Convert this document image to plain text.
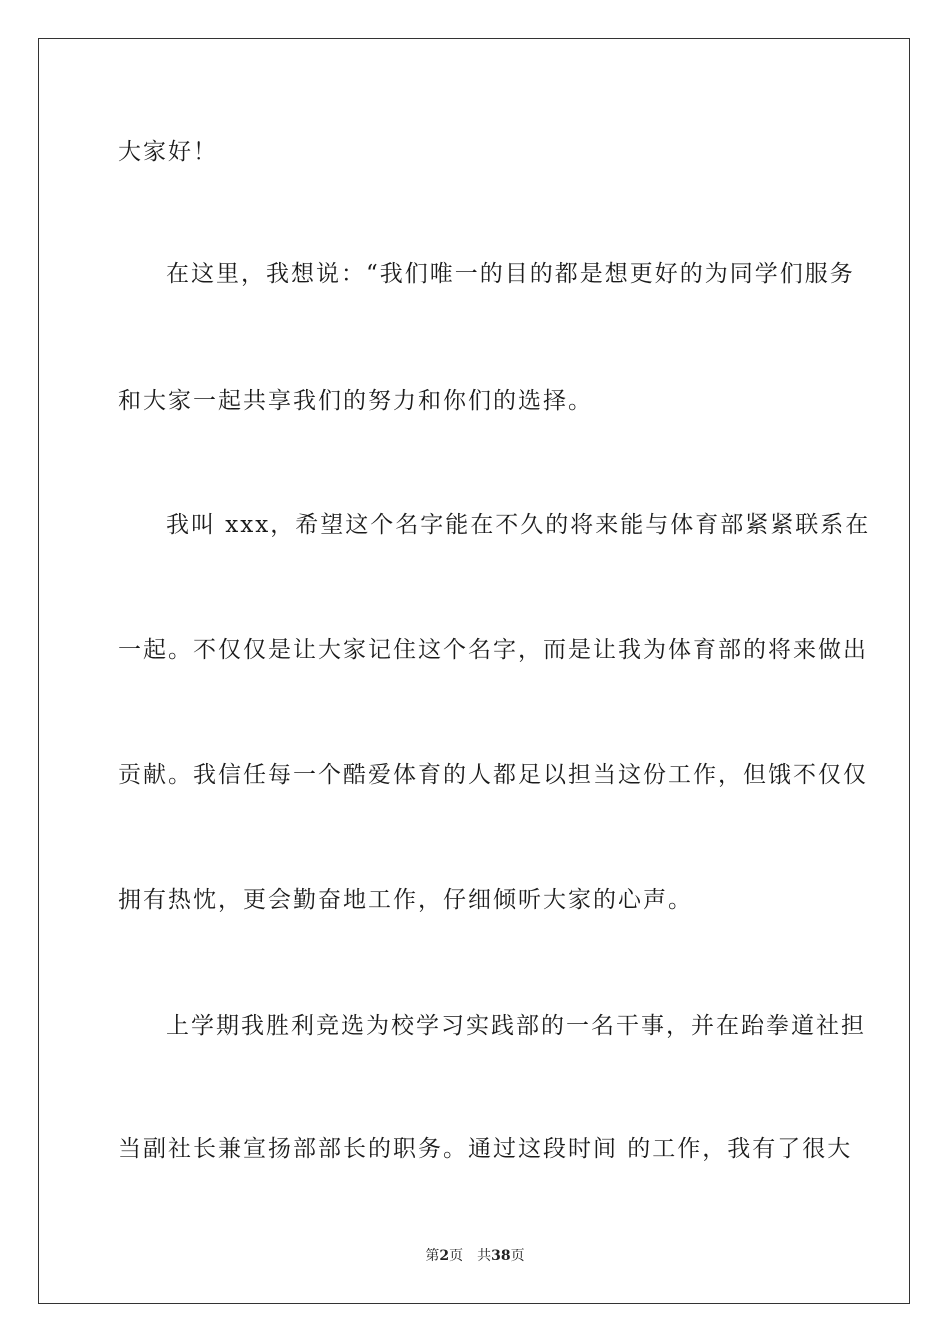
大家好！
在这里，我想说：“我们唯一的目的都是想更好的为同学们服务
和大家一起共享我们的努力和你们的选择。
我叫 xxx，希望这个名字能在不久的将来能与体育部紧紧联系在
一起。不仅仅是让大家记住这个名字，而是让我为体育部的将来做出
贡献。我信任每一个酷爱体育的人都足以担当这份工作，但饿不仅仅
拥有热忱，更会勤奋地工作，仔细倾听大家的心声。
上学期我胜利竞选为校学习实践部的一名干事，并在跆拳道社担
当副社长兼宣扬部部长的职务。通过这段时间 的工作，我有了很大
第2页 共38页
